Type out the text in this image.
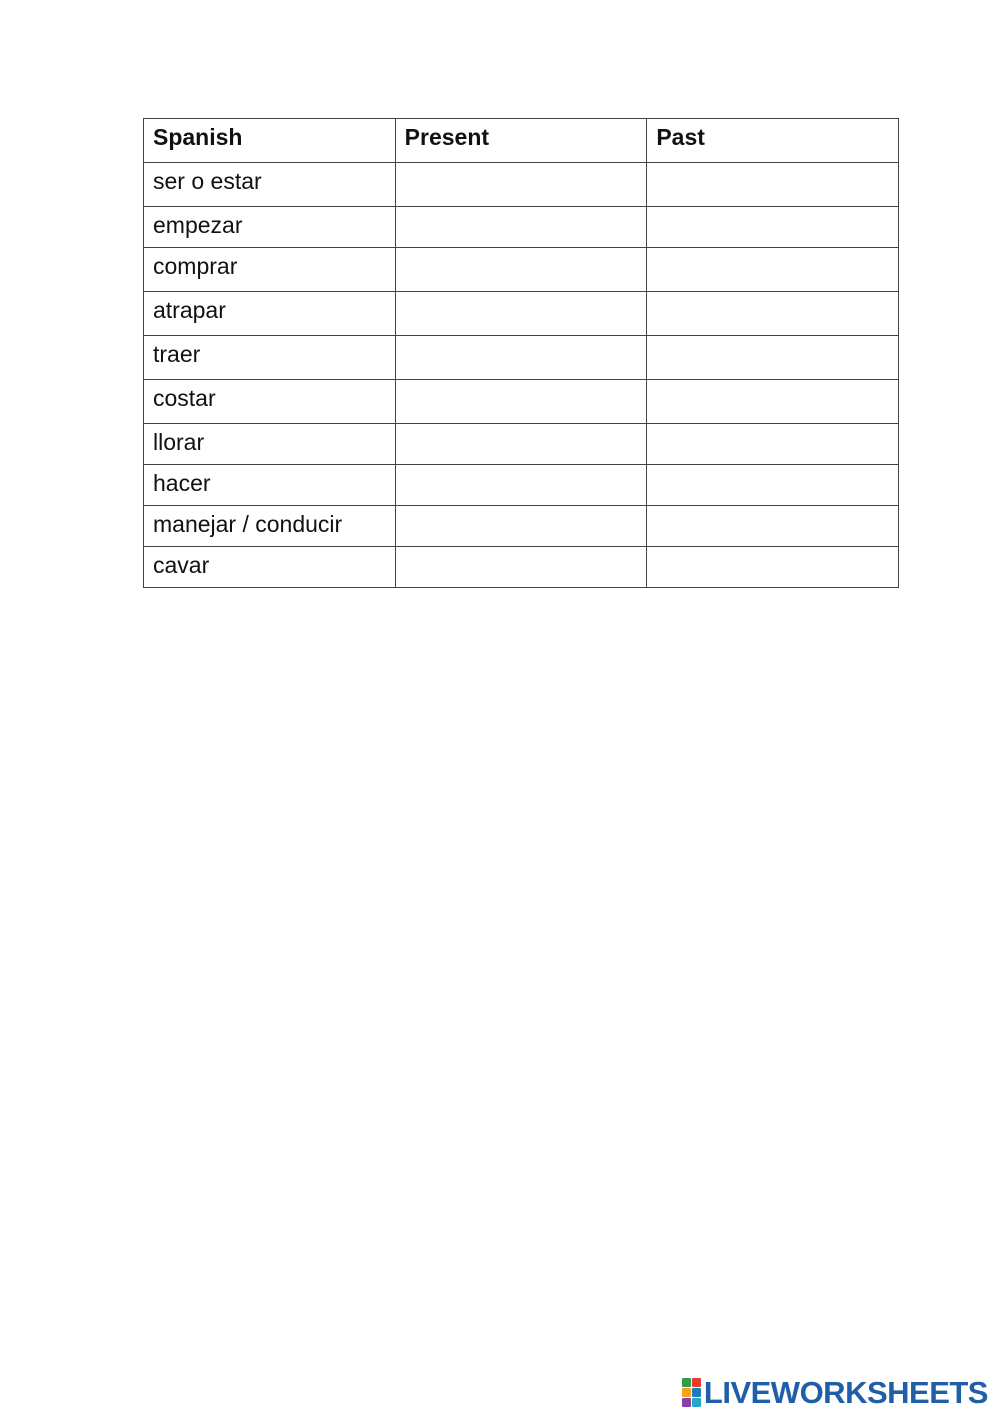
Spanish	Present	Past
ser o estar		
empezar		
comprar		
atrapar		
traer		
costar		
llorar		
hacer		
manejar / conducir		
cavar		
LIVEWORKSHEETS
